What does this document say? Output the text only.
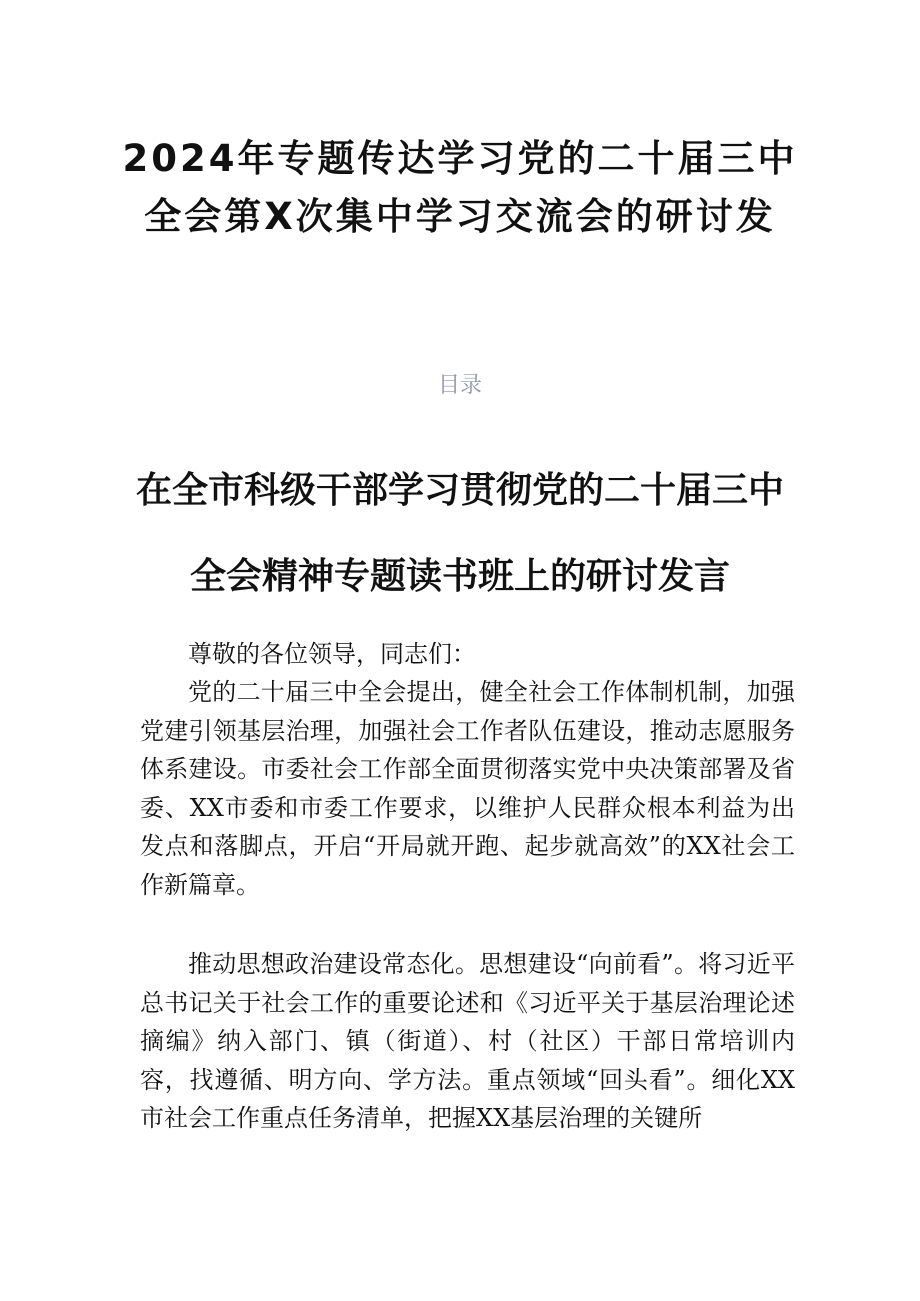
2024年专题传达学习党的二十届三中
全会第X次集中学习交流会的研讨发
目录
在全市科级干部学习贯彻党的二十届三中
全会精神专题读书班上的研讨发言

尊敬的各位领导，同志们：

党的二十届三中全会提出，健全社会工作体制机制，加强党建引领基层治理，加强社会工作者队伍建设，推动志愿服务体系建设。市委社会工作部全面贯彻落实党中央决策部署及省委、XX市委和市委工作要求，以维护人民群众根本利益为出发点和落脚点，开启“开局就开跑、起步就高效”的XX社会工作新篇章。

推动思想政治建设常态化。思想建设“向前看”。将习近平总书记关于社会工作的重要论述和《习近平关于基层治理论述摘编》纳入部门、镇（街道）、村（社区）干部日常培训内容，找遵循、明方向、学方法。重点领域“回头看”。细化XX市社会工作重点任务清单，把握XX基层治理的关键所
